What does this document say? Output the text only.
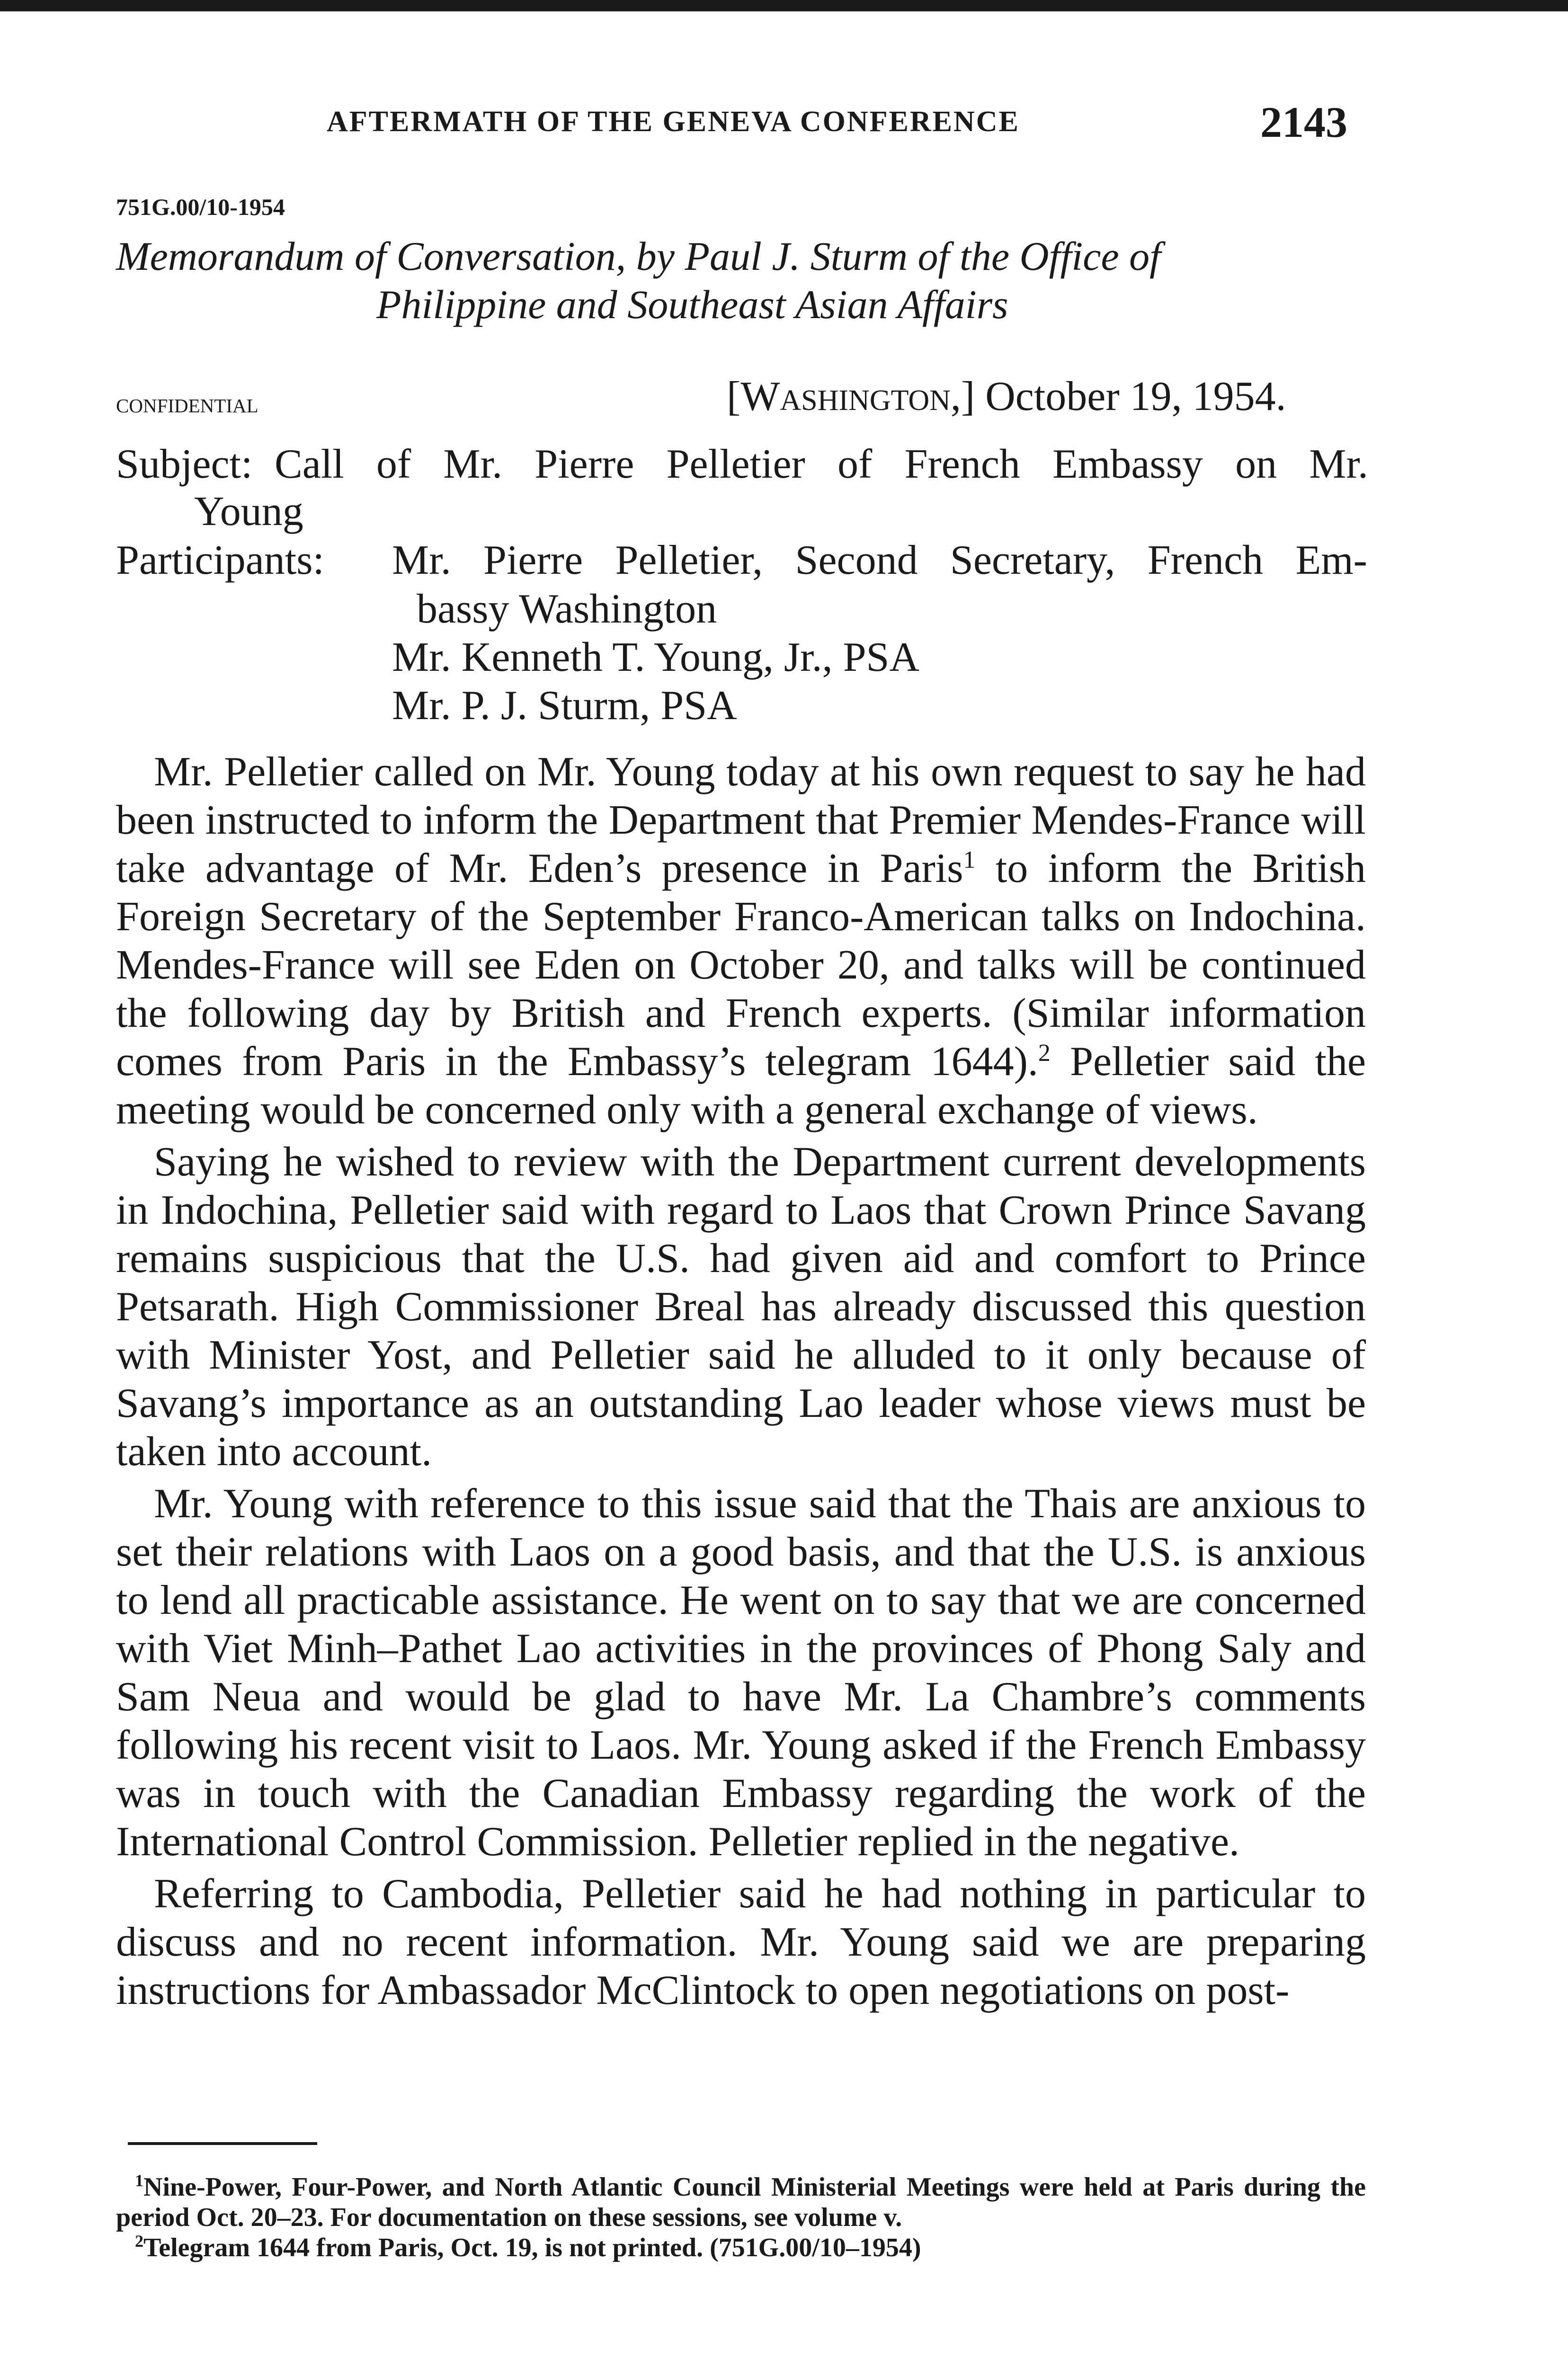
AFTERMATH OF THE GENEVA CONFERENCE	2143
751G.00/10-1954
Memorandum of Conversation, by Paul J. Sturm of the Office of
Philippine and Southeast Asian Affairs
confidential	[Washington,] October 19, 1954.
Subject: Call of Mr. Pierre Pelletier of French Embassy on Mr.
Young
Participants: Mr. Pierre Pelletier, Second Secretary, French Em-
bassy Washington
Mr. Kenneth T. Young, Jr., PSA
Mr. P. J. Sturm, PSA

Mr. Pelletier called on Mr. Young today at his own request to say he had been instructed to inform the Department that Premier Mendes-France will take advantage of Mr. Eden’s presence in Paris$^1$ to inform the British Foreign Secretary of the September Franco-American talks on Indochina. Mendes-France will see Eden on October 20, and talks will be continued the following day by British and French experts. (Similar information comes from Paris in the Embassy’s telegram 1644).$^2$ Pelletier said the meeting would be concerned only with a general exchange of views.

Saying he wished to review with the Department current developments in Indochina, Pelletier said with regard to Laos that Crown Prince Savang remains suspicious that the U.S. had given aid and comfort to Prince Petsarath. High Commissioner Breal has already discussed this question with Minister Yost, and Pelletier said he alluded to it only because of Savang’s importance as an outstanding Lao leader whose views must be taken into account.

Mr. Young with reference to this issue said that the Thais are anxious to set their relations with Laos on a good basis, and that the U.S. is anxious to lend all practicable assistance. He went on to say that we are concerned with Viet Minh–Pathet Lao activities in the provinces of Phong Saly and Sam Neua and would be glad to have Mr. La Chambre’s comments following his recent visit to Laos. Mr. Young asked if the French Embassy was in touch with the Canadian Embassy regarding the work of the International Control Commission. Pelletier replied in the negative.

Referring to Cambodia, Pelletier said he had nothing in particular to discuss and no recent information. Mr. Young said we are preparing instructions for Ambassador McClintock to open negotiations on post-

$^1$Nine-Power, Four-Power, and North Atlantic Council Ministerial Meetings were held at Paris during the period Oct. 20–23. For documentation on these sessions, see volume v.

$^2$Telegram 1644 from Paris, Oct. 19, is not printed. (751G.00/10–1954)
